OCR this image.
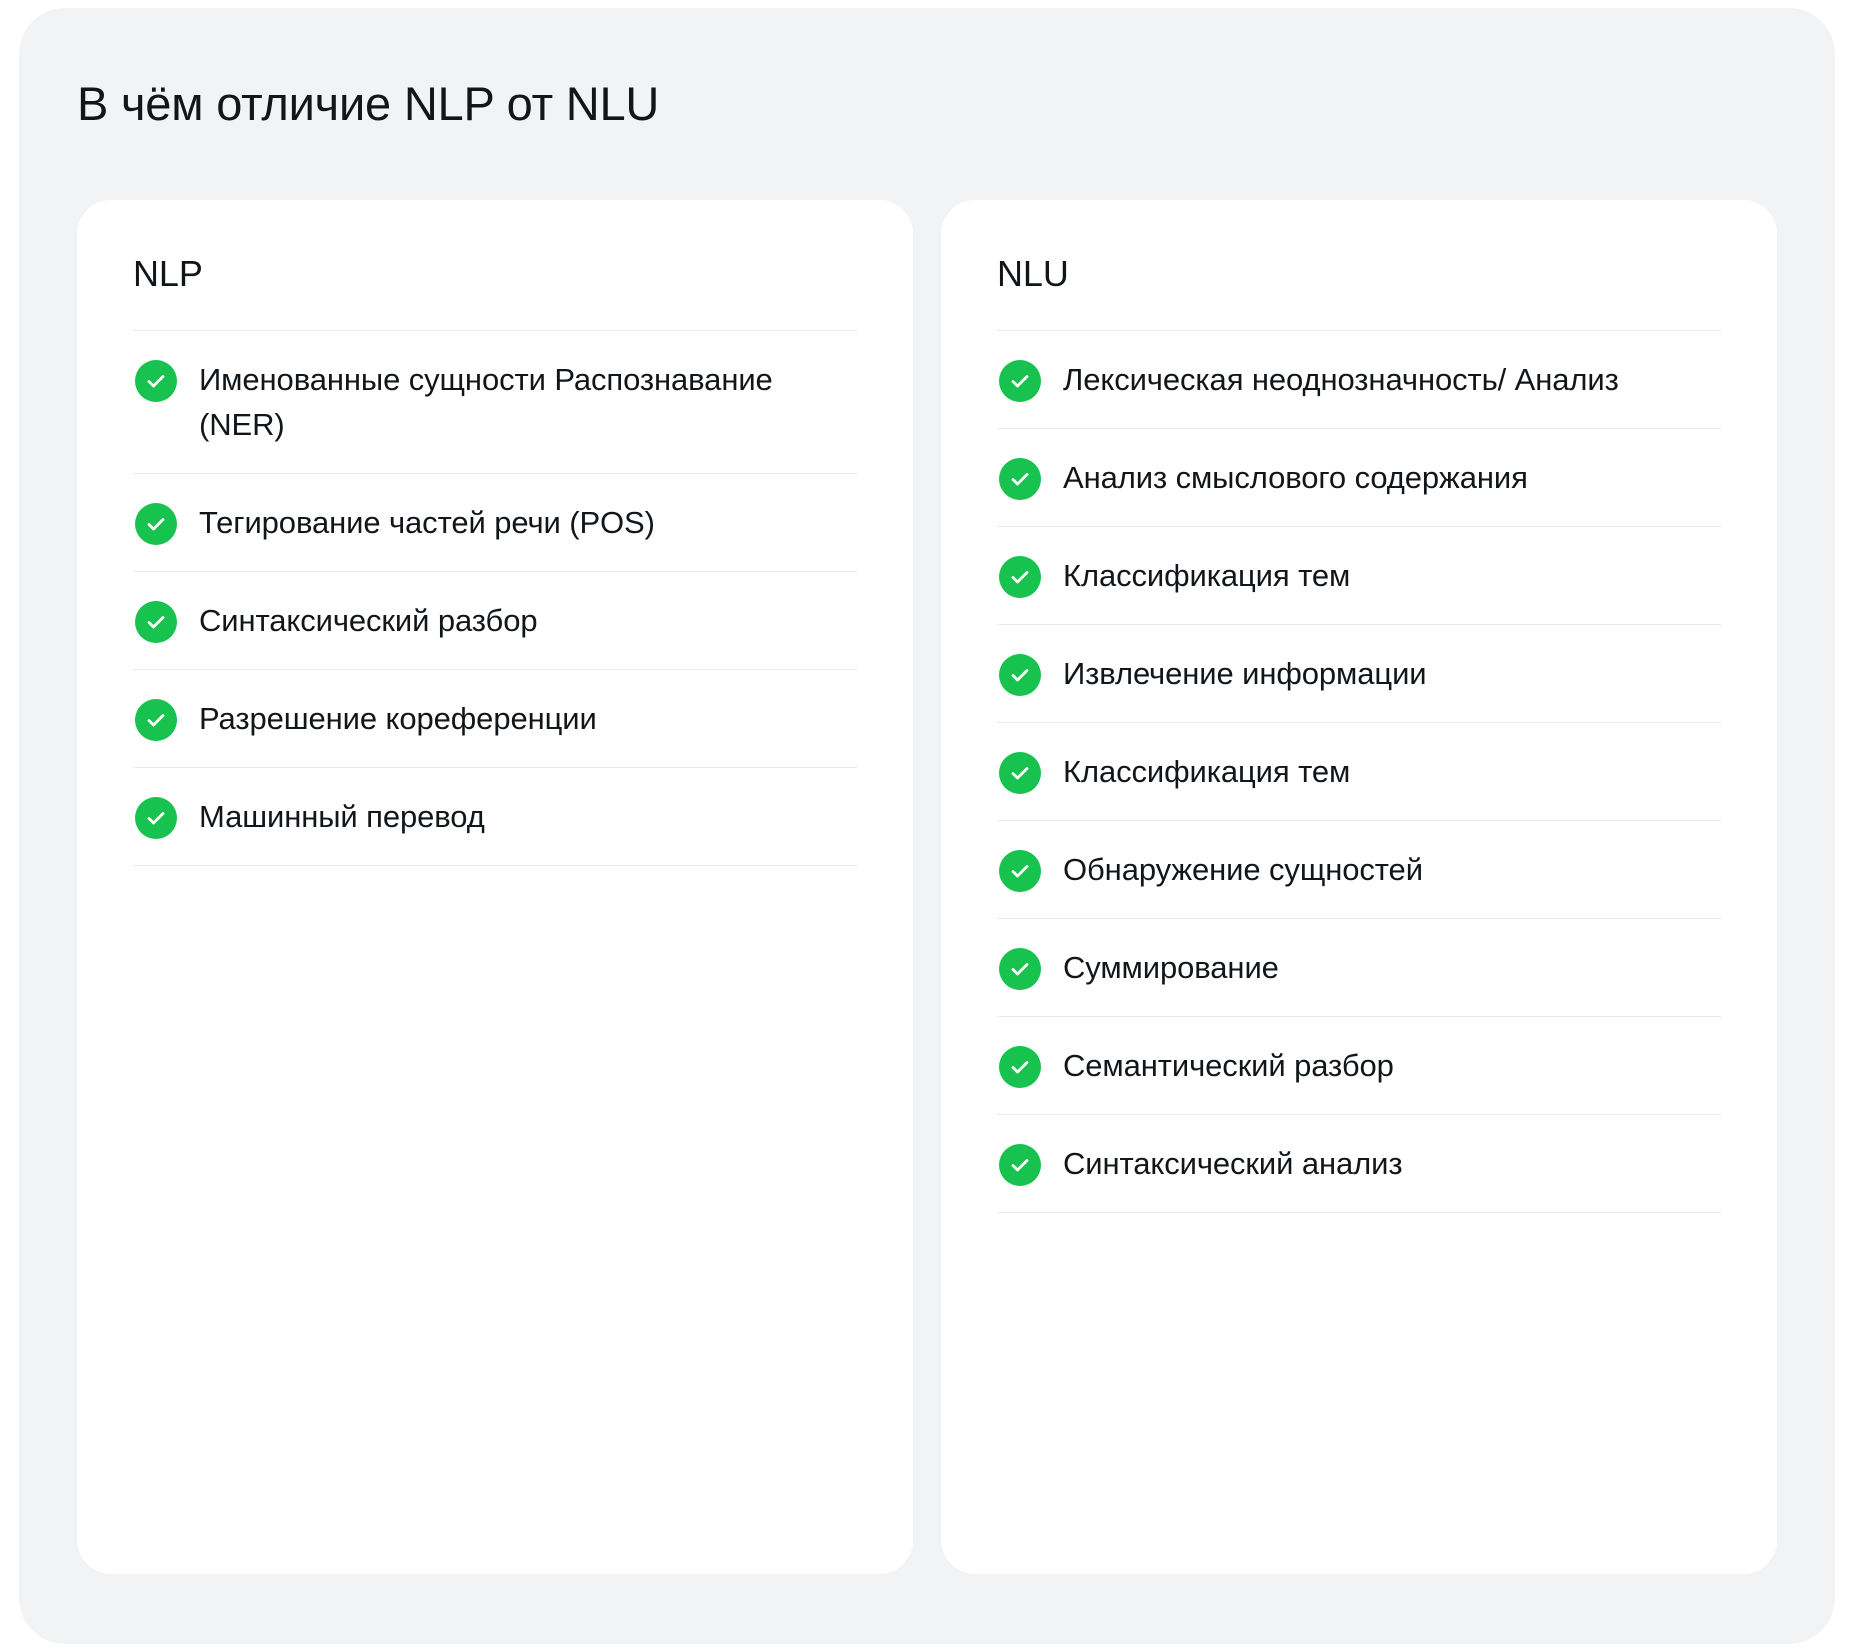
В чём отличие NLP от NLU
NLP
Именованные сущности Распознавание (NER)
Тегирование частей речи (POS)
Синтаксический разбор
Разрешение кореференции
Машинный перевод
NLU
Лексическая неоднозначность/ Анализ
Анализ смыслового содержания
Классификация тем
Извлечение информации
Классификация тем
Обнаружение сущностей
Суммирование
Семантический разбор
Синтаксический анализ
